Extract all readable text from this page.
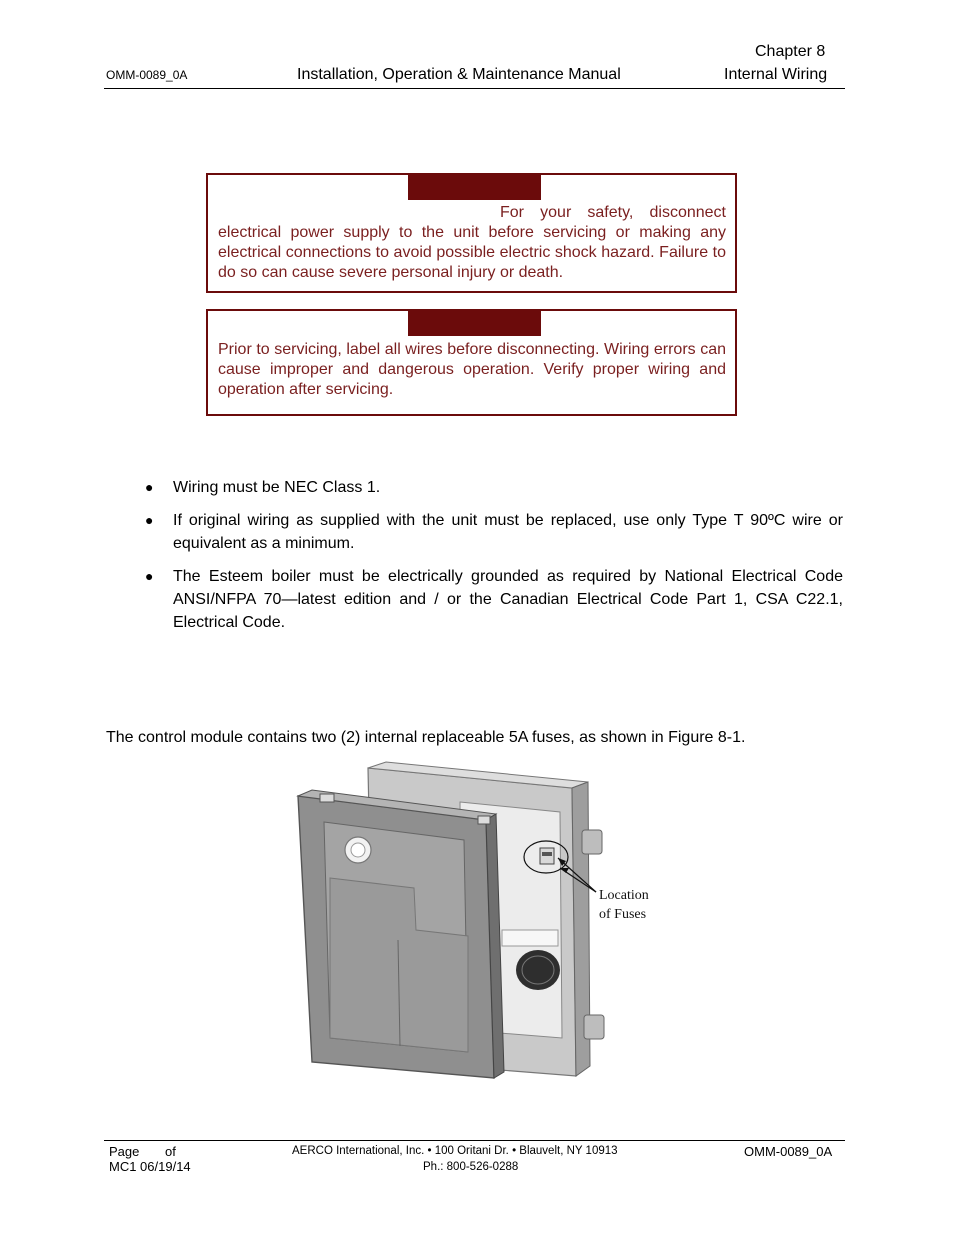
Chapter 8
OMM-0089_0A	Installation, Operation & Maintenance Manual	Internal Wiring
For your safety, disconnect electrical power supply to the unit before servicing or making any electrical connections to avoid possible electric shock hazard. Failure to do so can cause severe personal injury or death.
Prior to servicing, label all wires before disconnecting. Wiring errors can cause improper and dangerous operation. Verify proper wiring and operation after servicing.
● Wiring must be NEC Class 1.
● If original wiring as supplied with the unit must be replaced, use only Type T 90ºC wire or equivalent as a minimum.
● The Esteem boiler must be electrically grounded as required by National Electrical Code ANSI/NFPA 70—latest edition and / or the Canadian Electrical Code Part 1, CSA C22.1, Electrical Code.
The control module contains two (2) internal replaceable 5A fuses, as shown in Figure 8-1.
Location
of Fuses
Page of
MC1 06/19/14
AERCO International, Inc. • 100 Oritani Dr. • Blauvelt, NY 10913
Ph.: 800-526-0288
OMM-0089_0A
